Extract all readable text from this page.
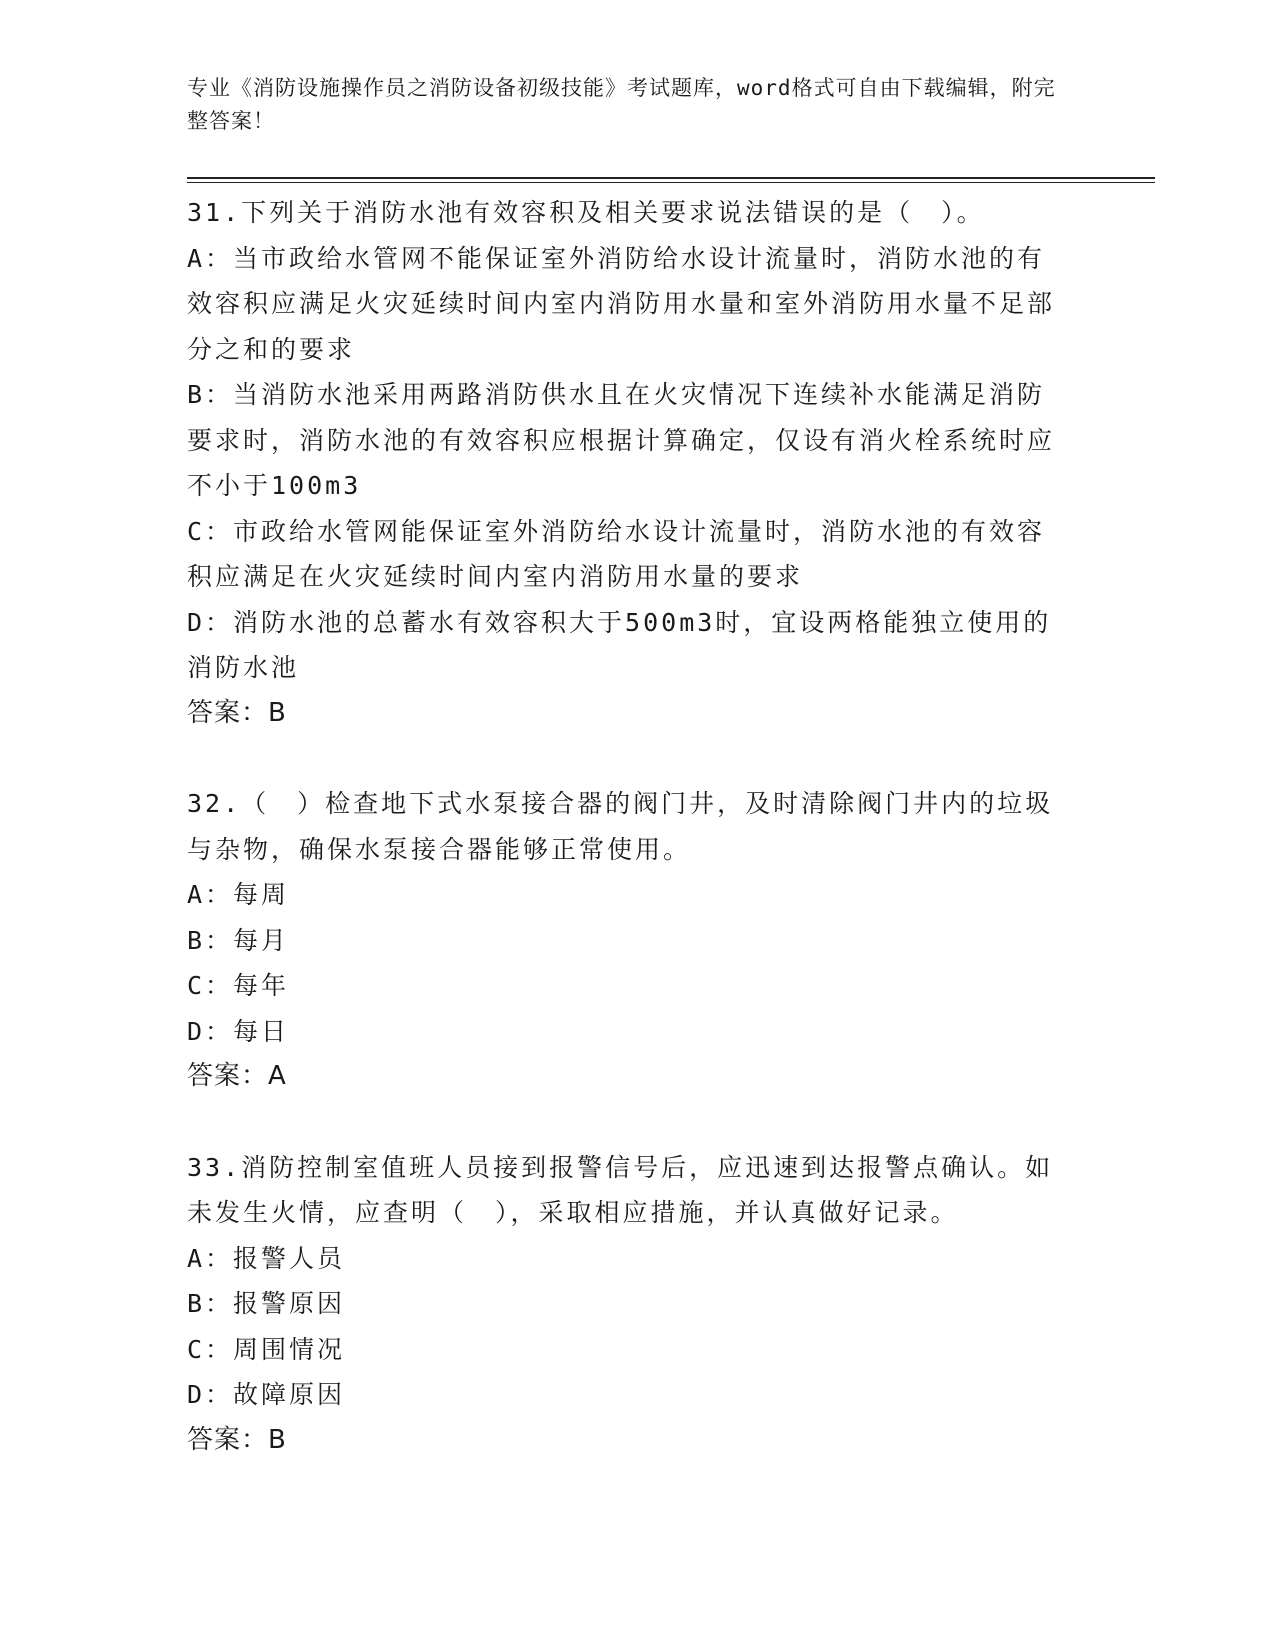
专业《消防设施操作员之消防设备初级技能》考试题库，word格式可自由下载编辑，附完整答案！

31.下列关于消防水池有效容积及相关要求说法错误的是（　）。

A：当市政给水管网不能保证室外消防给水设计流量时，消防水池的有效容积应满足火灾延续时间内室内消防用水量和室外消防用水量不足部分之和的要求

B：当消防水池采用两路消防供水且在火灾情况下连续补水能满足消防要求时，消防水池的有效容积应根据计算确定，仅设有消火栓系统时应不小于100m3

C：市政给水管网能保证室外消防给水设计流量时，消防水池的有效容积应满足在火灾延续时间内室内消防用水量的要求

D：消防水池的总蓄水有效容积大于500m3时，宜设两格能独立使用的消防水池

答案：B

32.（　）检查地下式水泵接合器的阀门井，及时清除阀门井内的垃圾与杂物，确保水泵接合器能够正常使用。

A：每周

B：每月

C：每年

D：每日

答案：A

33.消防控制室值班人员接到报警信号后，应迅速到达报警点确认。如未发生火情，应查明（　），采取相应措施，并认真做好记录。

A：报警人员

B：报警原因

C：周围情况

D：故障原因

答案：B
